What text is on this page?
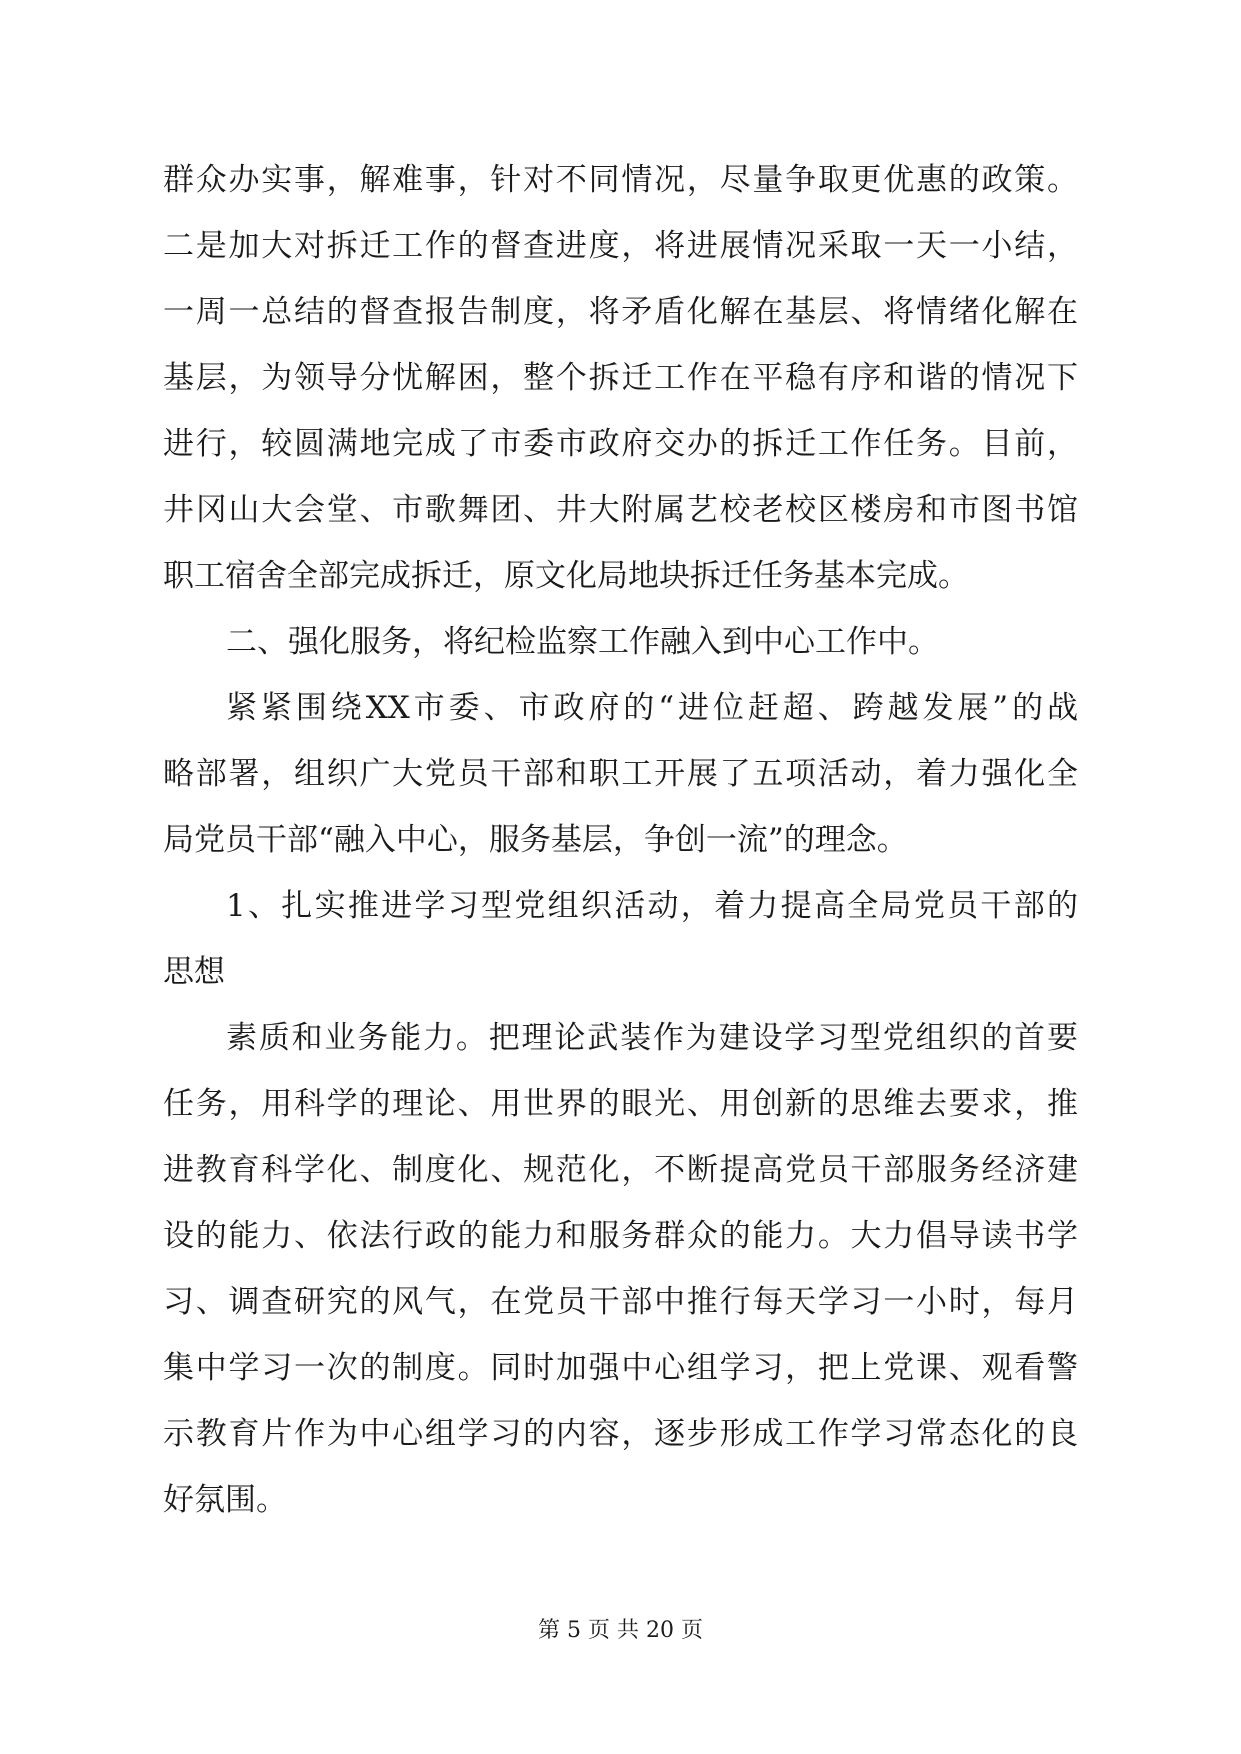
群众办实事，解难事，针对不同情况，尽量争取更优惠的政策。
二是加大对拆迁工作的督查进度，将进展情况采取一天一小结，
一周一总结的督查报告制度，将矛盾化解在基层、将情绪化解在
基层，为领导分忧解困，整个拆迁工作在平稳有序和谐的情况下
进行，较圆满地完成了市委市政府交办的拆迁工作任务。目前，
井冈山大会堂、市歌舞团、井大附属艺校老校区楼房和市图书馆
职工宿舍全部完成拆迁，原文化局地块拆迁任务基本完成。
二、强化服务，将纪检监察工作融入到中心工作中。
紧紧围绕XX市委、市政府的“进位赶超、跨越发展”的战
略部署，组织广大党员干部和职工开展了五项活动，着力强化全
局党员干部“融入中心，服务基层，争创一流”的理念。
1、扎实推进学习型党组织活动，着力提高全局党员干部的
思想
素质和业务能力。把理论武装作为建设学习型党组织的首要
任务，用科学的理论、用世界的眼光、用创新的思维去要求，推
进教育科学化、制度化、规范化，不断提高党员干部服务经济建
设的能力、依法行政的能力和服务群众的能力。大力倡导读书学
习、调查研究的风气，在党员干部中推行每天学习一小时，每月
集中学习一次的制度。同时加强中心组学习，把上党课、观看警
示教育片作为中心组学习的内容，逐步形成工作学习常态化的良
好氛围。
第 5 页 共 20 页
